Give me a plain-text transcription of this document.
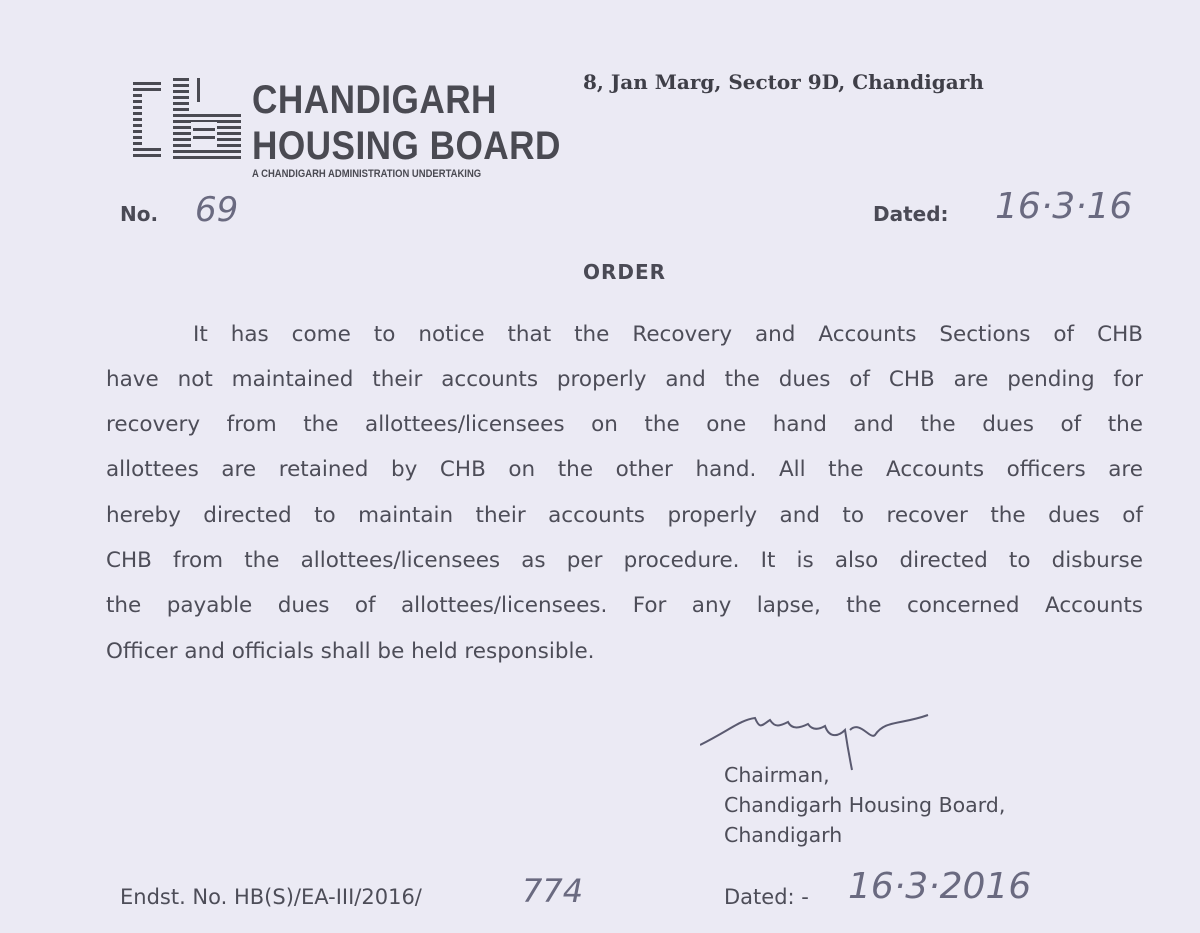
CHANDIGARH
HOUSING BOARD
A CHANDIGARH ADMINISTRATION UNDERTAKING
8, Jan Marg, Sector 9D, Chandigarh
No. 69	Dated: 16·3·16
ORDER
It has come to notice that the Recovery and Accounts Sections of CHB
have not maintained their accounts properly and the dues of CHB are pending for
recovery from the allottees/licensees on the one hand and the dues of the
allottees are retained by CHB on the other hand. All the Accounts officers are
hereby directed to maintain their accounts properly and to recover the dues of
CHB from the allottees/licensees as per procedure. It is also directed to disburse
the payable dues of allottees/licensees. For any lapse, the concerned Accounts
Officer and officials shall be held responsible.
Chairman,
Chandigarh Housing Board,
Chandigarh
Endst. No. HB(S)/EA-III/2016/	774	Dated: - 16·3·2016
